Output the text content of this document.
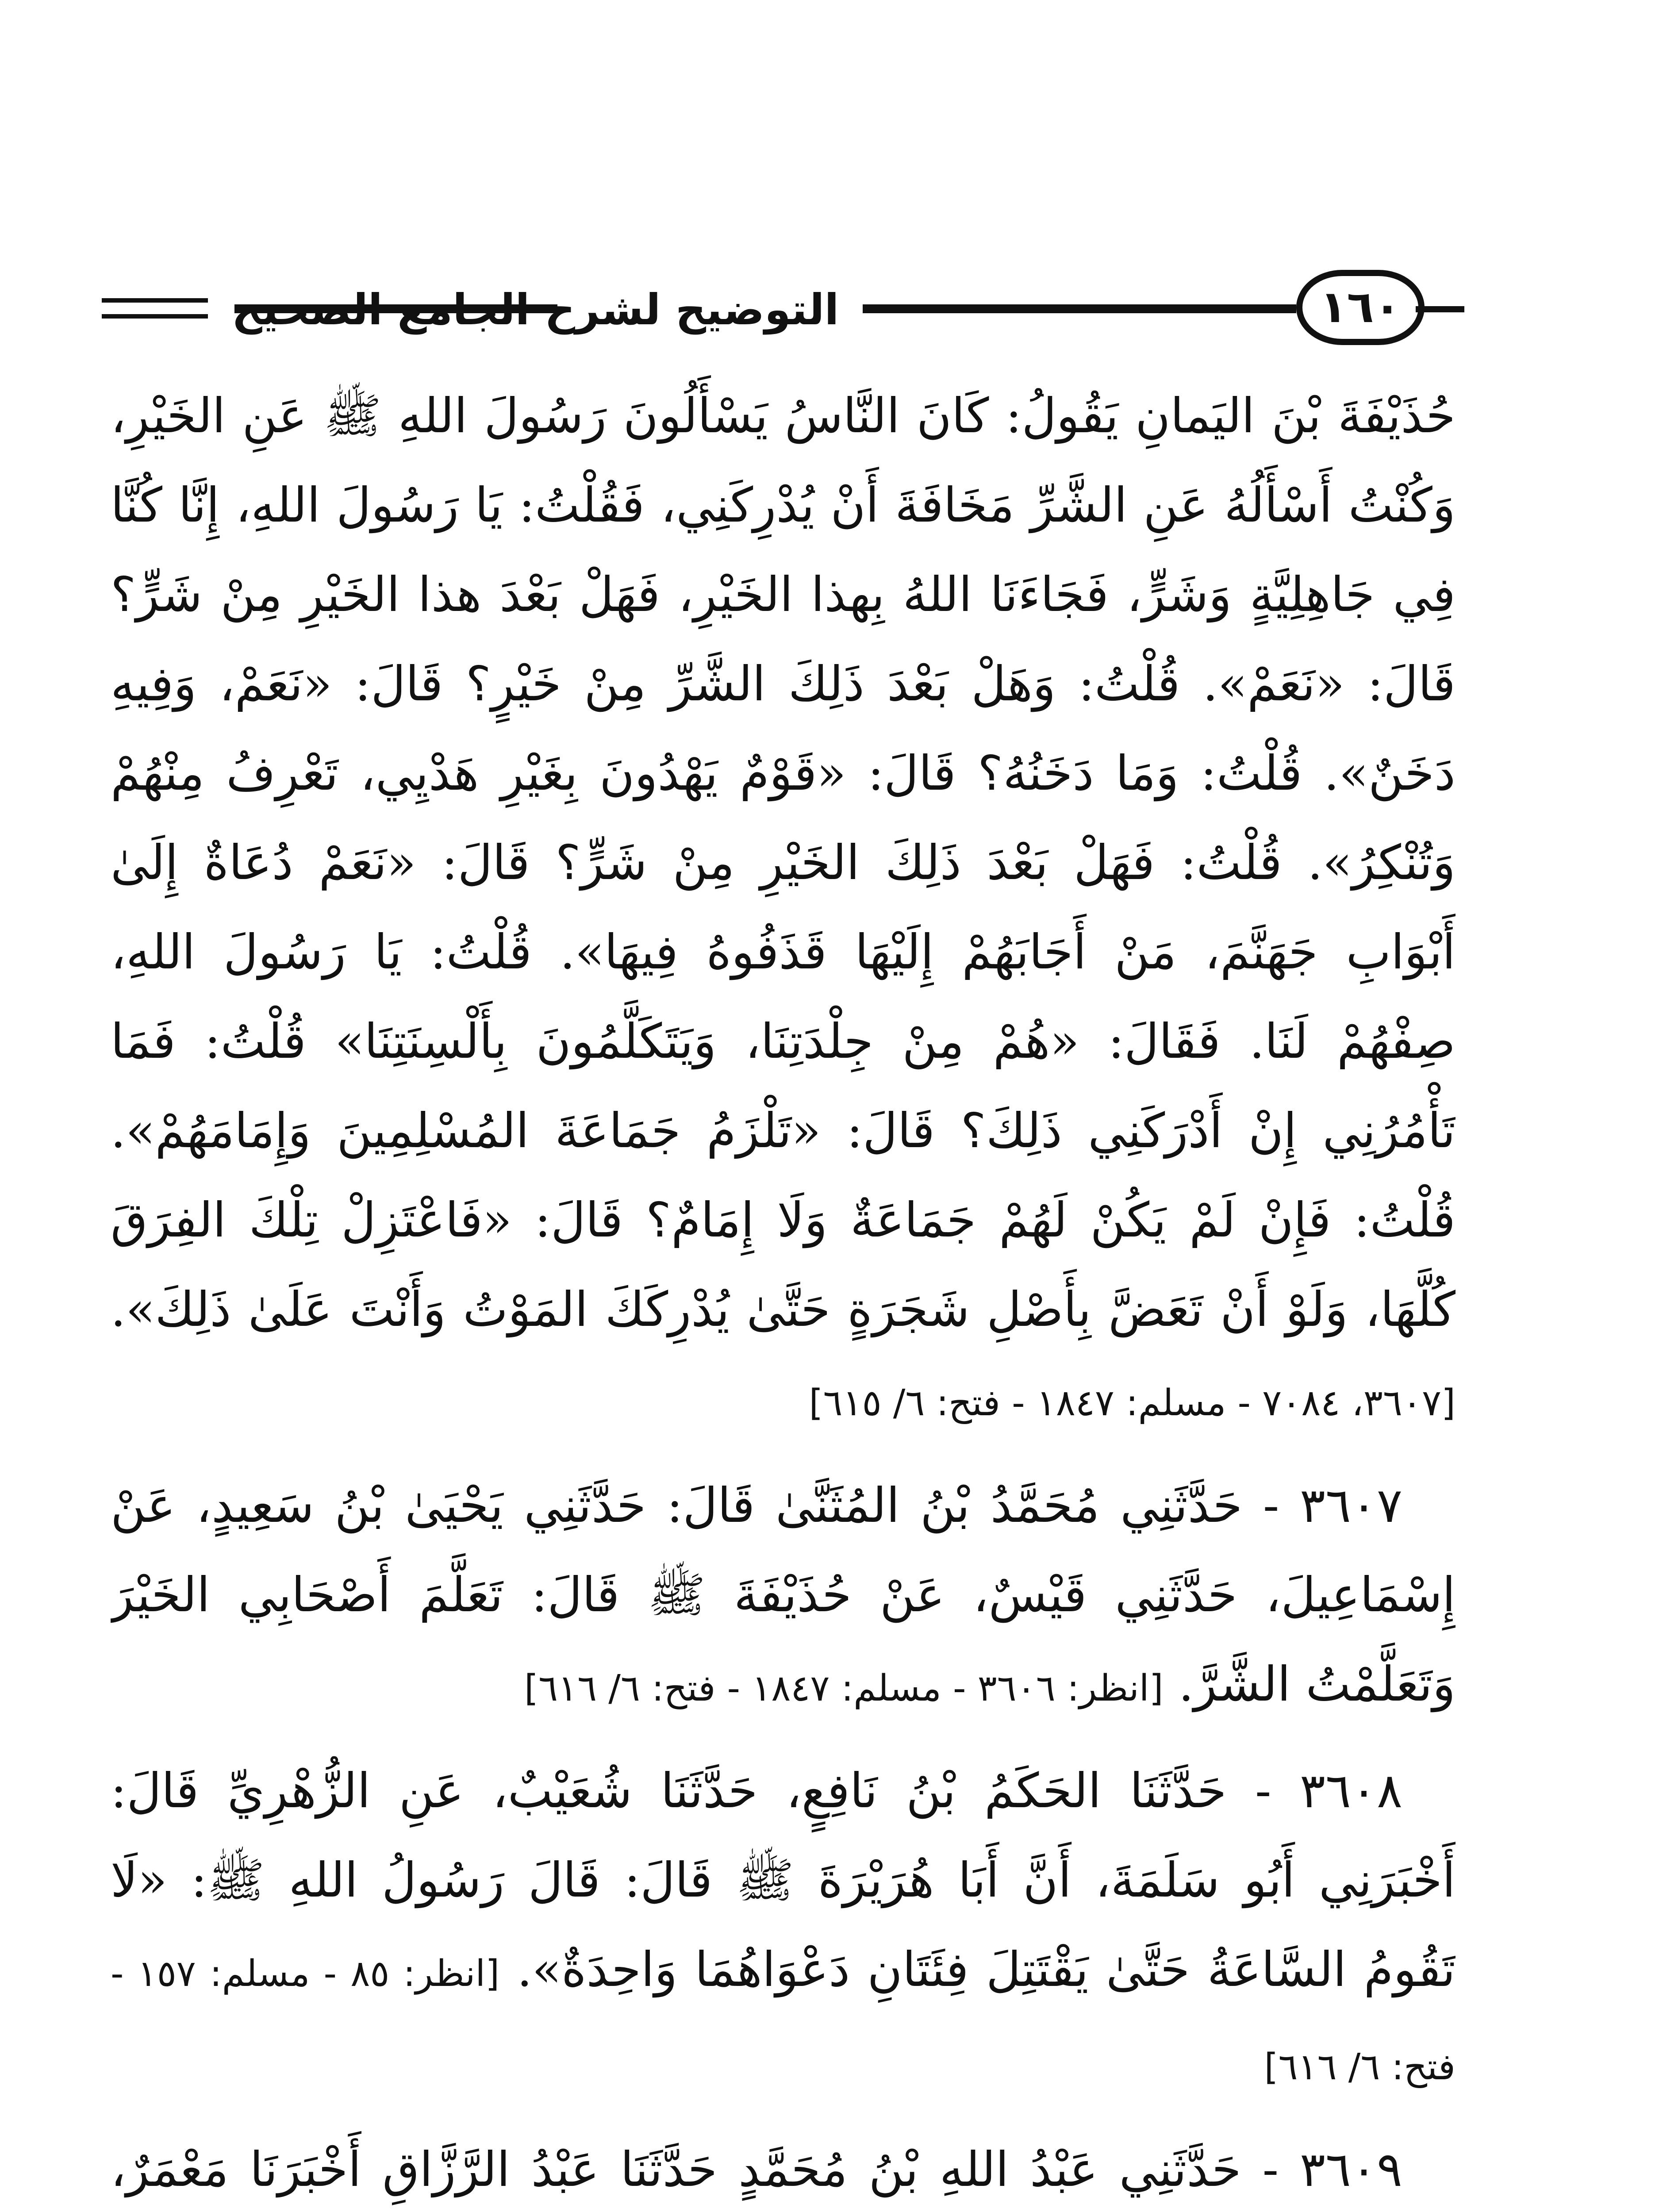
التوضيح لشرح الجامع الصحيح	١٦٠

حُذَيْفَةَ بْنَ اليَمانِ يَقُولُ: كَانَ النَّاسُ يَسْأَلُونَ رَسُولَ اللهِ ﷺ عَنِ الخَيْرِ، وَكُنْتُ أَسْأَلُهُ عَنِ الشَّرِّ مَخَافَةَ أَنْ يُدْرِكَنِي، فَقُلْتُ: يَا رَسُولَ اللهِ، إِنَّا كُنَّا فِي جَاهِلِيَّةٍ وَشَرٍّ، فَجَاءَنَا اللهُ بِهذا الخَيْرِ، فَهَلْ بَعْدَ هذا الخَيْرِ مِنْ شَرٍّ؟ قَالَ: «نَعَمْ». قُلْتُ: وَهَلْ بَعْدَ ذَلِكَ الشَّرِّ مِنْ خَيْرٍ؟ قَالَ: «نَعَمْ، وَفِيهِ دَخَنٌ». قُلْتُ: وَمَا دَخَنُهُ؟ قَالَ: «قَوْمٌ يَهْدُونَ بِغَيْرِ هَدْيِي، تَعْرِفُ مِنْهُمْ وَتُنْكِرُ». قُلْتُ: فَهَلْ بَعْدَ ذَلِكَ الخَيْرِ مِنْ شَرٍّ؟ قَالَ: «نَعَمْ دُعَاةٌ إِلَىٰ أَبْوَابِ جَهَنَّمَ، مَنْ أَجَابَهُمْ إِلَيْهَا قَذَفُوهُ فِيهَا». قُلْتُ: يَا رَسُولَ اللهِ، صِفْهُمْ لَنَا. فَقَالَ: «هُمْ مِنْ جِلْدَتِنَا، وَيَتَكَلَّمُونَ بِأَلْسِنَتِنَا» قُلْتُ: فَمَا تَأْمُرُنِي إِنْ أَدْرَكَنِي ذَلِكَ؟ قَالَ: «تَلْزَمُ جَمَاعَةَ المُسْلِمِينَ وَإِمَامَهُمْ». قُلْتُ: فَإِنْ لَمْ يَكُنْ لَهُمْ جَمَاعَةٌ وَلَا إِمَامٌ؟ قَالَ: «فَاعْتَزِلْ تِلْكَ الفِرَقَ كُلَّهَا، وَلَوْ أَنْ تَعَضَّ بِأَصْلِ شَجَرَةٍ حَتَّىٰ يُدْرِكَكَ المَوْتُ وَأَنْتَ عَلَىٰ ذَلِكَ». [٣٦٠٧، ٧٠٨٤ - مسلم: ١٨٤٧ - فتح: ٦/ ٦١٥]

٣٦٠٧ - حَدَّثَنِي مُحَمَّدُ بْنُ المُثَنَّىٰ قَالَ: حَدَّثَنِي يَحْيَىٰ بْنُ سَعِيدٍ، عَنْ إِسْمَاعِيلَ، حَدَّثَنِي قَيْسٌ، عَنْ حُذَيْفَةَ ﷺ قَالَ: تَعَلَّمَ أَصْحَابِي الخَيْرَ وَتَعَلَّمْتُ الشَّرَّ. [انظر: ٣٦٠٦ - مسلم: ١٨٤٧ - فتح: ٦/ ٦١٦]

٣٦٠٨ - حَدَّثَنَا الحَكَمُ بْنُ نَافِعٍ، حَدَّثَنَا شُعَيْبٌ، عَنِ الزُّهْرِيِّ قَالَ: أَخْبَرَنِي أَبُو سَلَمَةَ، أَنَّ أَبَا هُرَيْرَةَ ﷺ قَالَ: قَالَ رَسُولُ اللهِ ﷺ: «لَا تَقُومُ السَّاعَةُ حَتَّىٰ يَقْتَتِلَ فِئَتَانِ دَعْوَاهُمَا وَاحِدَةٌ». [انظر: ٨٥ - مسلم: ١٥٧ - فتح: ٦/ ٦١٦]

٣٦٠٩ - حَدَّثَنِي عَبْدُ اللهِ بْنُ مُحَمَّدٍ حَدَّثَنَا عَبْدُ الرَّزَّاقِ أَخْبَرَنَا مَعْمَرٌ،
